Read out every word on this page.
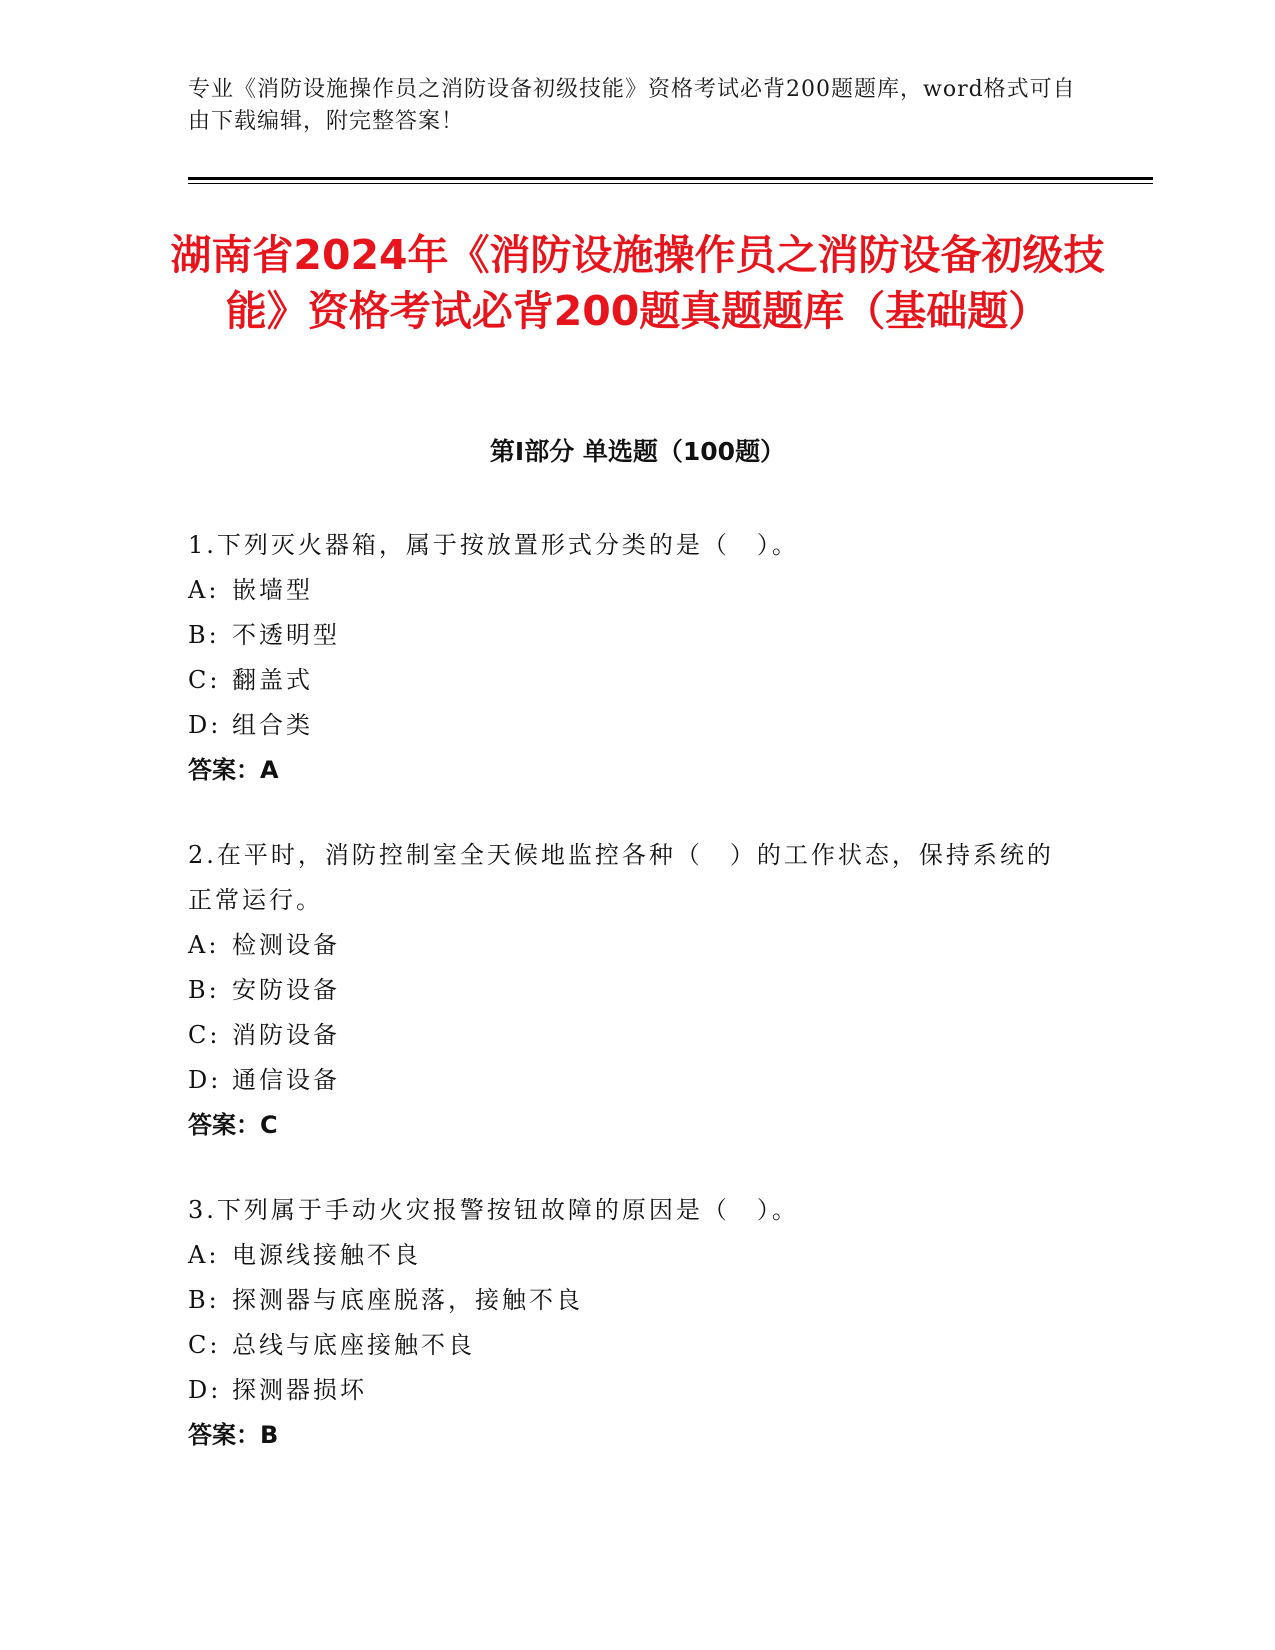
专业《消防设施操作员之消防设备初级技能》资格考试必背200题题库，word格式可自由下载编辑，附完整答案！
湖南省2024年《消防设施操作员之消防设备初级技能》资格考试必背200题真题题库（基础题）
第I部分 单选题（100题）
1.下列灭火器箱，属于按放置形式分类的是（　）。
A: 嵌墙型
B: 不透明型
C: 翻盖式
D: 组合类
答案：A
2.在平时，消防控制室全天候地监控各种（　）的工作状态，保持系统的正常运行。
A: 检测设备
B: 安防设备
C: 消防设备
D: 通信设备
答案：C
3.下列属于手动火灾报警按钮故障的原因是（　）。
A: 电源线接触不良
B: 探测器与底座脱落，接触不良
C: 总线与底座接触不良
D: 探测器损坏
答案：B
